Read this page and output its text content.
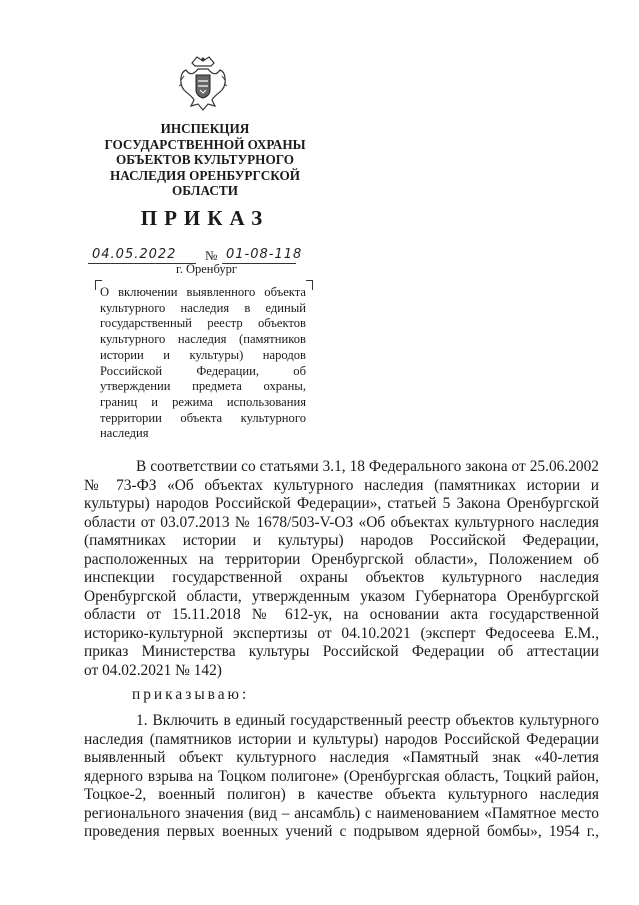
ИНСПЕКЦИЯ
ГОСУДАРСТВЕННОЙ ОХРАНЫ
ОБЪЕКТОВ КУЛЬТУРНОГО
НАСЛЕДИЯ ОРЕНБУРГСКОЙ
ОБЛАСТИ
ПРИКАЗ
04.05.2022 № 01-08-118
г. Оренбург
О включении выявленного объекта
культурного наследия в единый
государственный реестр объектов
культурного наследия (памятников
истории и культуры) народов
Российской Федерации, об
утверждении предмета охраны,
границ и режима использования
территории объекта культурного
наследия
В соответствии со статьями 3.1, 18 Федерального закона от 25.06.2002
№ 73-ФЗ «Об объектах культурного наследия (памятниках истории и
культуры) народов Российской Федерации», статьей 5 Закона Оренбургской
области от 03.07.2013 № 1678/503-V-ОЗ «Об объектах культурного наследия
(памятниках истории и культуры) народов Российской Федерации,
расположенных на территории Оренбургской области», Положением об
инспекции государственной охраны объектов культурного наследия
Оренбургской области, утвержденным указом Губернатора Оренбургской
области от 15.11.2018 № 612-ук, на основании акта государственной
историко-культурной экспертизы от 04.10.2021 (эксперт Федосеева Е.М.,
приказ Министерства культуры Российской Федерации об аттестации
от 04.02.2021 № 142)
приказываю:
1. Включить в единый государственный реестр объектов культурного
наследия (памятников истории и культуры) народов Российской Федерации
выявленный объект культурного наследия «Памятный знак «40-летия
ядерного взрыва на Тоцком полигоне» (Оренбургская область, Тоцкий район,
Тоцкое-2, военный полигон) в качестве объекта культурного наследия
регионального значения (вид – ансамбль) с наименованием «Памятное место
проведения первых военных учений с подрывом ядерной бомбы», 1954 г.,
